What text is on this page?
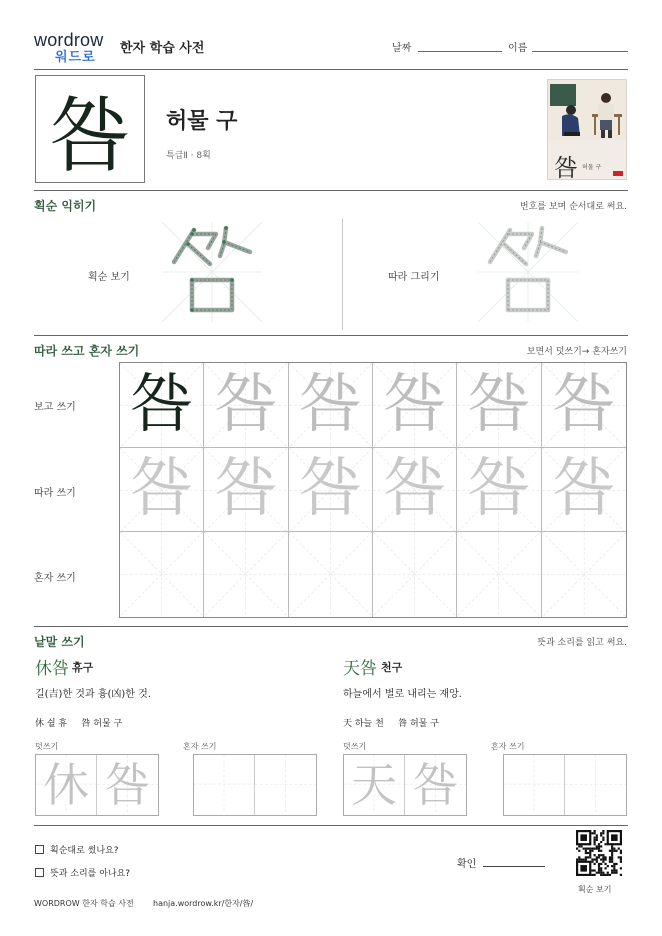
wordrow
워드로
한자 학습 사전	날짜	이름
咎	허물 구
특급Ⅱ · 8획	咎 허물 구
획순 익히기	번호를 보며 순서대로 써요.
획순 보기	따라 그리기
따라 쓰고 혼자 쓰기	보면서 덧쓰기→ 혼자쓰기
보고 쓰기
따라 쓰기
혼자 쓰기
咎 咎 咎 咎 咎 咎
咎 咎 咎 咎 咎 咎
낱말 쓰기	뜻과 소리를 읽고 써요.
休咎 휴구
길(吉)한 것과 흉(凶)한 것.
休 쉴 휴     咎 허물 구
덧쓰기	혼자 쓰기
休 咎
天咎 천구
하늘에서 벌로 내리는 재앙.
天 하늘 천     咎 허물 구
덧쓰기	혼자 쓰기
天 咎
획순대로 썼나요?
뜻과 소리를 아나요?
확인
획순 보기
WORDROW 한자 학습 사전 hanja.wordrow.kr/한자/咎/
